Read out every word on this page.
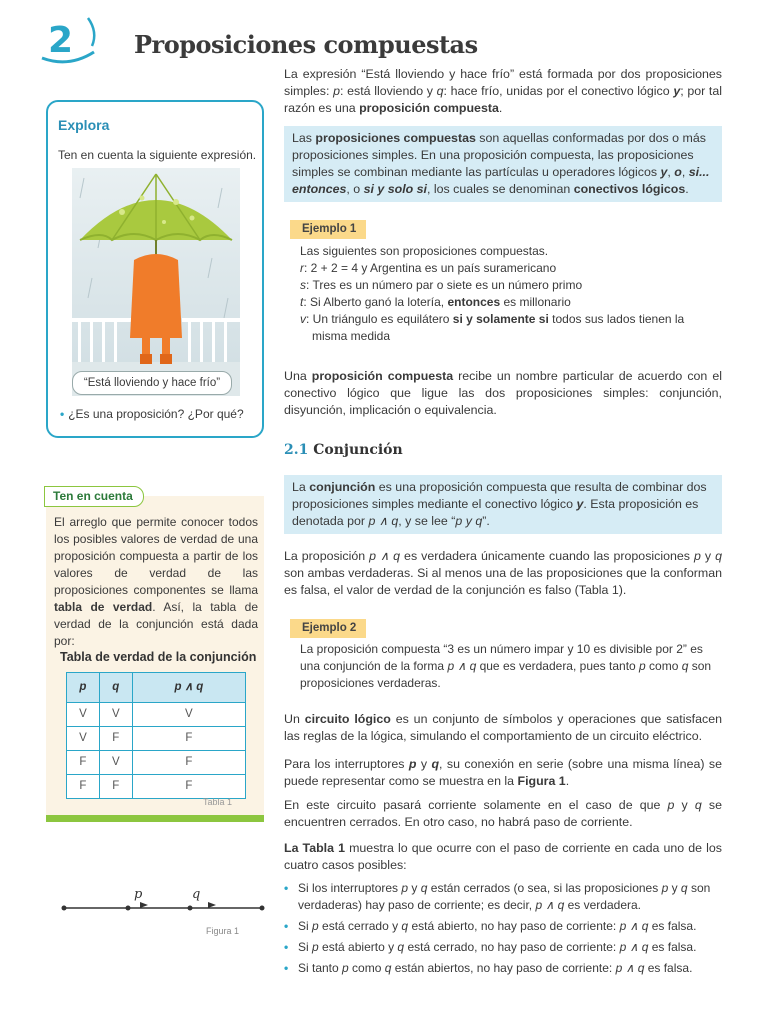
2	Proposiciones compuestas
Explora
Ten en cuenta la siguiente expresión.
“Está lloviendo y hace frío”
• ¿Es una proposición? ¿Por qué?
Ten en cuenta
El arreglo que permite conocer todos los posibles valores de verdad de una proposición compuesta a partir de los valores de verdad de las proposiciones componentes se llama tabla de verdad. Así, la tabla de verdad de la conjunción está dada por:
Tabla de verdad de la conjunción
p	q	p ∧ q
V	V	V
V	F	F
F	V	F
F	F	F
Tabla 1
p	q
Figura 1
La expresión “Está lloviendo y hace frío” está formada por dos proposiciones simples: p: está lloviendo y q: hace frío, unidas por el conectivo lógico y; por tal razón es una proposición compuesta.
Las proposiciones compuestas son aquellas conformadas por dos o más proposiciones simples. En una proposición compuesta, las proposiciones simples se combinan mediante las partículas u operadores lógicos y, o, si... entonces, o si y solo si, los cuales se denominan conectivos lógicos.
Ejemplo 1
Las siguientes son proposiciones compuestas.
r: 2 + 2 = 4 y Argentina es un país suramericano
s: Tres es un número par o siete es un número primo
t: Si Alberto ganó la lotería, entonces es millonario
v: Un triángulo es equilátero si y solamente si todos sus lados tienen la misma medida
Una proposición compuesta recibe un nombre particular de acuerdo con el conectivo lógico que ligue las dos proposiciones simples: conjunción, disyunción, implicación o equivalencia.
2.1 Conjunción
La conjunción es una proposición compuesta que resulta de combinar dos proposiciones simples mediante el conectivo lógico y. Esta proposición es denotada por p ∧ q, y se lee “p y q”.
La proposición p ∧ q es verdadera únicamente cuando las proposiciones p y q son ambas verdaderas. Si al menos una de las proposiciones que la conforman es falsa, el valor de verdad de la conjunción es falso (Tabla 1).
Ejemplo 2
La proposición compuesta “3 es un número impar y 10 es divisible por 2” es una conjunción de la forma p ∧ q que es verdadera, pues tanto p como q son proposiciones verdaderas.
Un circuito lógico es un conjunto de símbolos y operaciones que satisfacen las reglas de la lógica, simulando el comportamiento de un circuito eléctrico.
Para los interruptores p y q, su conexión en serie (sobre una misma línea) se puede representar como se muestra en la Figura 1.
En este circuito pasará corriente solamente en el caso de que p y q se encuentren cerrados. En otro caso, no habrá paso de corriente.
La Tabla 1 muestra lo que ocurre con el paso de corriente en cada uno de los cuatro casos posibles:
• Si los interruptores p y q están cerrados (o sea, si las proposiciones p y q son verdaderas) hay paso de corriente; es decir, p ∧ q es verdadera.
• Si p está cerrado y q está abierto, no hay paso de corriente: p ∧ q es falsa.
• Si p está abierto y q está cerrado, no hay paso de corriente: p ∧ q es falsa.
• Si tanto p como q están abiertos, no hay paso de corriente: p ∧ q es falsa.
